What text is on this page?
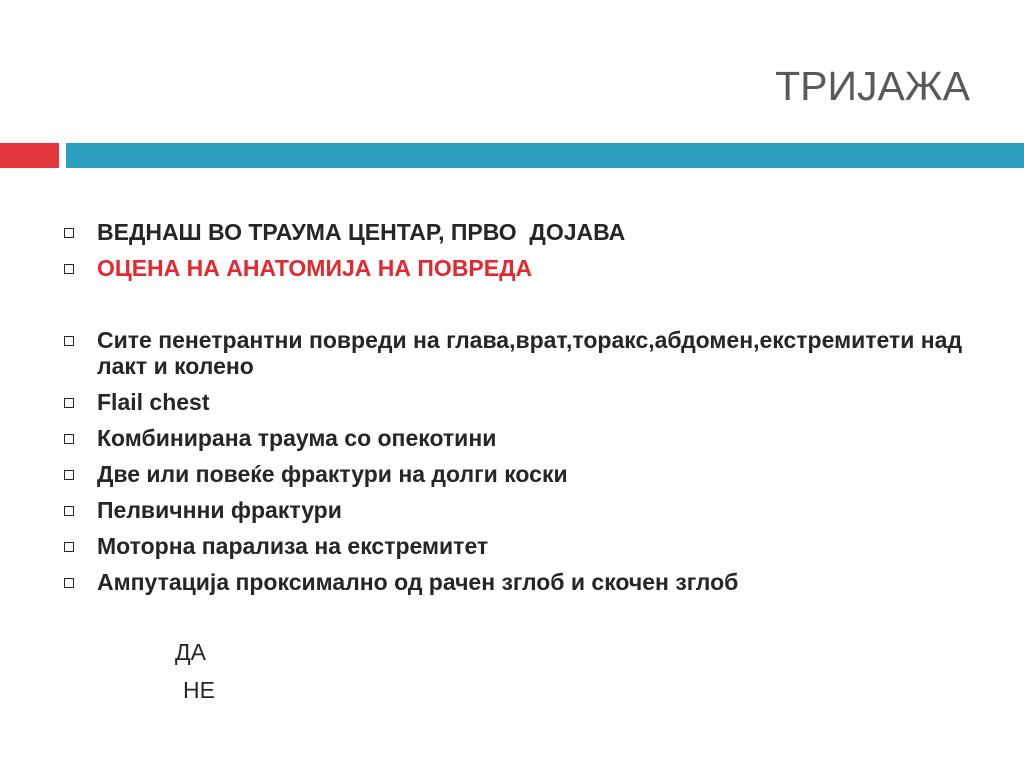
ТРИЈАЖА
ВЕДНАШ ВО ТРАУМА ЦЕНТАР, ПРВО  ДОЈАВА
ОЦЕНА НА АНАТОМИЈА НА ПОВРЕДА
Сите пенетрантни повреди на глава,врат,торакс,абдомен,екстремитети над лакт и колено
Flail chest
Комбинирана траума со опекотини
Две или повеќе фрактури на долги коски
Пелвичнни фрактури
Моторна парализа на екстремитет
Ампутација проксимално од рачен зглоб и скочен зглоб
ДА
НЕ
